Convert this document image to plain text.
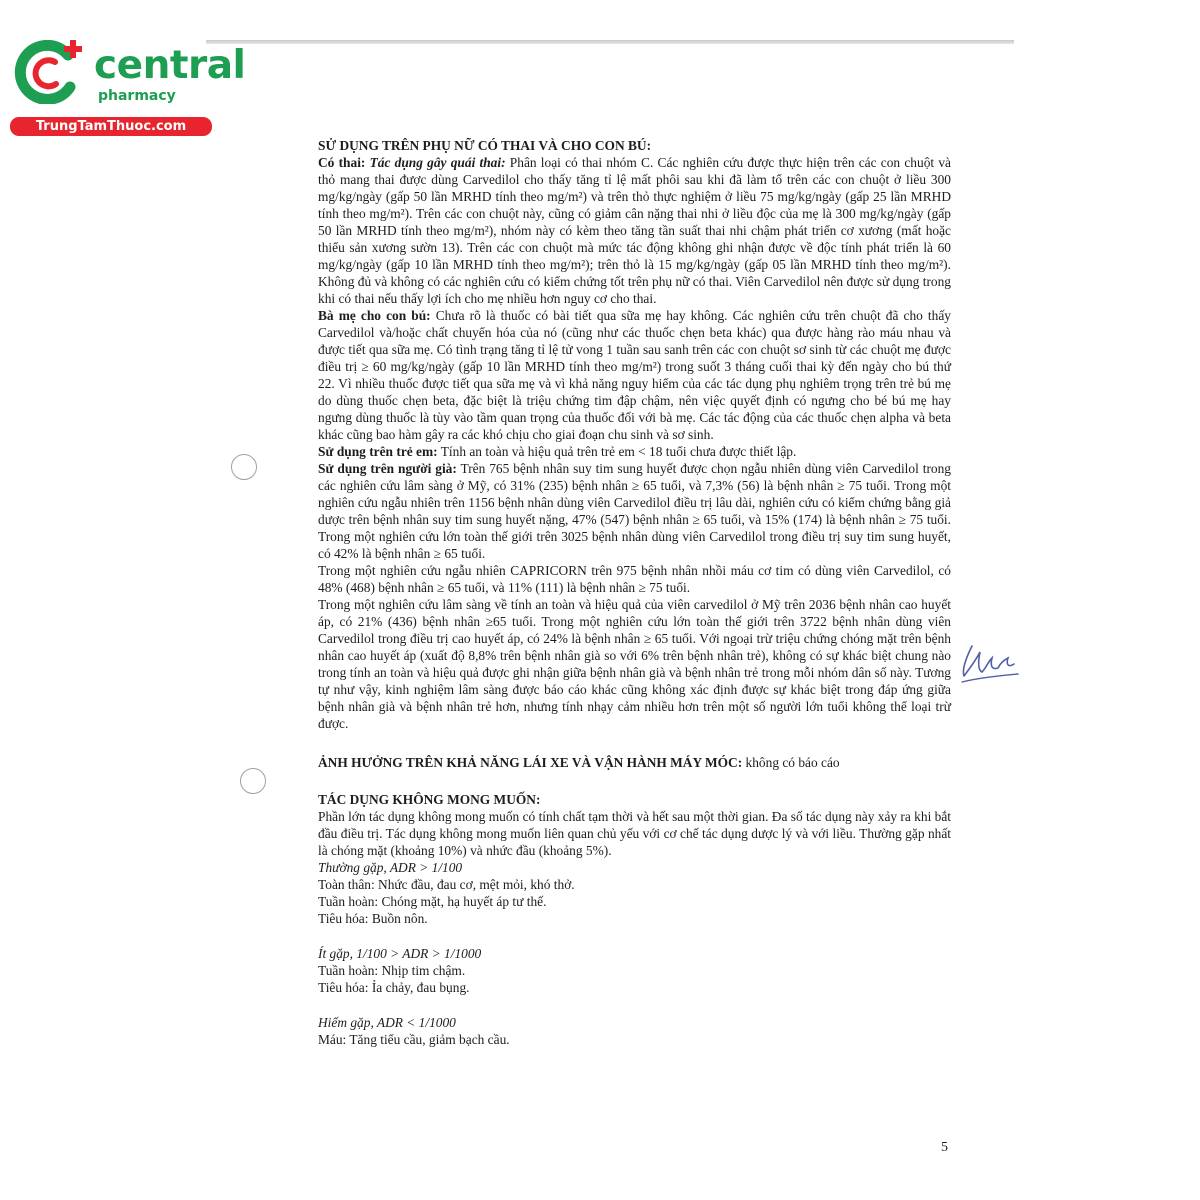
central
pharmacy
TrungTamThuoc.com

SỬ DỤNG TRÊN PHỤ NỮ CÓ THAI VÀ CHO CON BÚ:

Có thai: Tác dụng gây quái thai: Phân loại có thai nhóm C. Các nghiên cứu được thực hiện trên các con chuột và thỏ mang thai được dùng Carvedilol cho thấy tăng tỉ lệ mất phôi sau khi đã làm tổ trên các con chuột ở liều 300 mg/kg/ngày (gấp 50 lần MRHD tính theo mg/m²) và trên thỏ thực nghiệm ở liều 75 mg/kg/ngày (gấp 25 lần MRHD tính theo mg/m²). Trên các con chuột này, cũng có giảm cân nặng thai nhi ở liều độc của mẹ là 300 mg/kg/ngày (gấp 50 lần MRHD tính theo mg/m²), nhóm này có kèm theo tăng tần suất thai nhi chậm phát triển cơ xương (mất hoặc thiểu sản xương sườn 13). Trên các con chuột mà mức tác động không ghi nhận được về độc tính phát triển là 60 mg/kg/ngày (gấp 10 lần MRHD tính theo mg/m²); trên thỏ là 15 mg/kg/ngày (gấp 05 lần MRHD tính theo mg/m²). Không đủ và không có các nghiên cứu có kiểm chứng tốt trên phụ nữ có thai. Viên Carvedilol nên được sử dụng trong khi có thai nếu thấy lợi ích cho mẹ nhiều hơn nguy cơ cho thai.

Bà mẹ cho con bú: Chưa rõ là thuốc có bài tiết qua sữa mẹ hay không. Các nghiên cứu trên chuột đã cho thấy Carvedilol và/hoặc chất chuyển hóa của nó (cũng như các thuốc chẹn beta khác) qua được hàng rào máu nhau và được tiết qua sữa mẹ. Có tình trạng tăng tỉ lệ tử vong 1 tuần sau sanh trên các con chuột sơ sinh từ các chuột mẹ được điều trị ≥ 60 mg/kg/ngày (gấp 10 lần MRHD tính theo mg/m²) trong suốt 3 tháng cuối thai kỳ đến ngày cho bú thứ 22. Vì nhiều thuốc được tiết qua sữa mẹ và vì khả năng nguy hiểm của các tác dụng phụ nghiêm trọng trên trẻ bú mẹ do dùng thuốc chẹn beta, đặc biệt là triệu chứng tim đập chậm, nên việc quyết định có ngưng cho bé bú mẹ hay ngưng dùng thuốc là tùy vào tầm quan trọng của thuốc đối với bà mẹ. Các tác động của các thuốc chẹn alpha và beta khác cũng bao hàm gây ra các khó chịu cho giai đoạn chu sinh và sơ sinh.

Sử dụng trên trẻ em: Tính an toàn và hiệu quả trên trẻ em < 18 tuổi chưa được thiết lập.

Sử dụng trên người già: Trên 765 bệnh nhân suy tim sung huyết được chọn ngẫu nhiên dùng viên Carvedilol trong các nghiên cứu lâm sàng ở Mỹ, có 31% (235) bệnh nhân ≥ 65 tuổi, và 7,3% (56) là bệnh nhân ≥ 75 tuổi. Trong một nghiên cứu ngẫu nhiên trên 1156 bệnh nhân dùng viên Carvedilol điều trị lâu dài, nghiên cứu có kiểm chứng bằng giả dược trên bệnh nhân suy tim sung huyết nặng, 47% (547) bệnh nhân ≥ 65 tuổi, và 15% (174) là bệnh nhân ≥ 75 tuổi. Trong một nghiên cứu lớn toàn thế giới trên 3025 bệnh nhân dùng viên Carvedilol trong điều trị suy tim sung huyết, có 42% là bệnh nhân ≥ 65 tuổi.

Trong một nghiên cứu ngẫu nhiên CAPRICORN trên 975 bệnh nhân nhồi máu cơ tim có dùng viên Carvedilol, có 48% (468) bệnh nhân ≥ 65 tuổi, và 11% (111) là bệnh nhân ≥ 75 tuổi.

Trong một nghiên cứu lâm sàng về tính an toàn và hiệu quả của viên carvedilol ở Mỹ trên 2036 bệnh nhân cao huyết áp, có 21% (436) bệnh nhân ≥65 tuổi. Trong một nghiên cứu lớn toàn thế giới trên 3722 bệnh nhân dùng viên Carvedilol trong điều trị cao huyết áp, có 24% là bệnh nhân ≥ 65 tuổi. Với ngoại trừ triệu chứng chóng mặt trên bệnh nhân cao huyết áp (xuất độ 8,8% trên bệnh nhân già so với 6% trên bệnh nhân trẻ), không có sự khác biệt chung nào trong tính an toàn và hiệu quả được ghi nhận giữa bệnh nhân già và bệnh nhân trẻ trong mỗi nhóm dân số này. Tương tự như vậy, kinh nghiệm lâm sàng được báo cáo khác cũng không xác định được sự khác biệt trong đáp ứng giữa bệnh nhân già và bệnh nhân trẻ hơn, nhưng tính nhạy cảm nhiều hơn trên một số người lớn tuổi không thể loại trừ được.

ẢNH HƯỞNG TRÊN KHẢ NĂNG LÁI XE VÀ VẬN HÀNH MÁY MÓC: không có báo cáo

TÁC DỤNG KHÔNG MONG MUỐN:

Phần lớn tác dụng không mong muốn có tính chất tạm thời và hết sau một thời gian. Đa số tác dụng này xảy ra khi bắt đầu điều trị. Tác dụng không mong muốn liên quan chủ yếu với cơ chế tác dụng dược lý và với liều. Thường gặp nhất là chóng mặt (khoảng 10%) và nhức đầu (khoảng 5%).

Thường gặp, ADR > 1/100

Toàn thân: Nhức đầu, đau cơ, mệt mỏi, khó thở.

Tuần hoàn: Chóng mặt, hạ huyết áp tư thế.

Tiêu hóa: Buồn nôn.

Ít gặp, 1/100 > ADR > 1/1000

Tuần hoàn: Nhịp tim chậm.

Tiêu hóa: Ỉa chảy, đau bụng.

Hiếm gặp, ADR < 1/1000

Máu: Tăng tiểu cầu, giảm bạch cầu.

5
